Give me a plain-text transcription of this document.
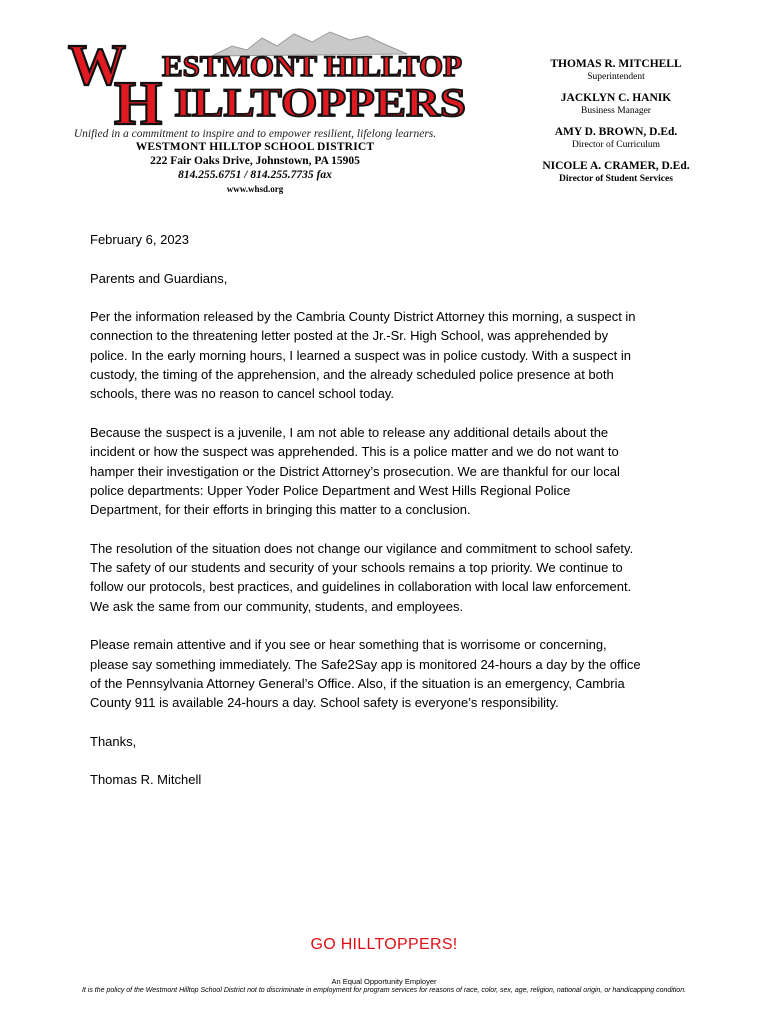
W
H
ESTMONT HILLTOP
ILLTOPPERS
Unified in a commitment to inspire and to empower resilient, lifelong learners.
WESTMONT HILLTOP SCHOOL DISTRICT
222 Fair Oaks Drive, Johnstown, PA 15905
814.255.6751 / 814.255.7735 fax
www.whsd.org
THOMAS R. MITCHELL
Superintendent
JACKLYN C. HANIK
Business Manager
AMY D. BROWN, D.Ed.
Director of Curriculum
NICOLE A. CRAMER, D.Ed.
Director of Student Services

February 6, 2023

Parents and Guardians,

Per the information released by the Cambria County District Attorney this morning, a suspect in
connection to the threatening letter posted at the Jr.-Sr. High School, was apprehended by
police. In the early morning hours, I learned a suspect was in police custody. With a suspect in
custody, the timing of the apprehension, and the already scheduled police presence at both
schools, there was no reason to cancel school today.

Because the suspect is a juvenile, I am not able to release any additional details about the
incident or how the suspect was apprehended. This is a police matter and we do not want to
hamper their investigation or the District Attorney’s prosecution. We are thankful for our local
police departments: Upper Yoder Police Department and West Hills Regional Police
Department, for their efforts in bringing this matter to a conclusion.

The resolution of the situation does not change our vigilance and commitment to school safety.
The safety of our students and security of your schools remains a top priority. We continue to
follow our protocols, best practices, and guidelines in collaboration with local law enforcement.
We ask the same from our community, students, and employees.

Please remain attentive and if you see or hear something that is worrisome or concerning,
please say something immediately. The Safe2Say app is monitored 24-hours a day by the office
of the Pennsylvania Attorney General’s Office. Also, if the situation is an emergency, Cambria
County 911 is available 24-hours a day. School safety is everyone’s responsibility.

Thanks,

Thomas R. Mitchell

GO HILLTOPPERS!
An Equal Opportunity Employer
It is the policy of the Westmont Hilltop School District not to discriminate in employment for program services for reasons of race, color, sex, age, religion, national origin, or handicapping condition.
